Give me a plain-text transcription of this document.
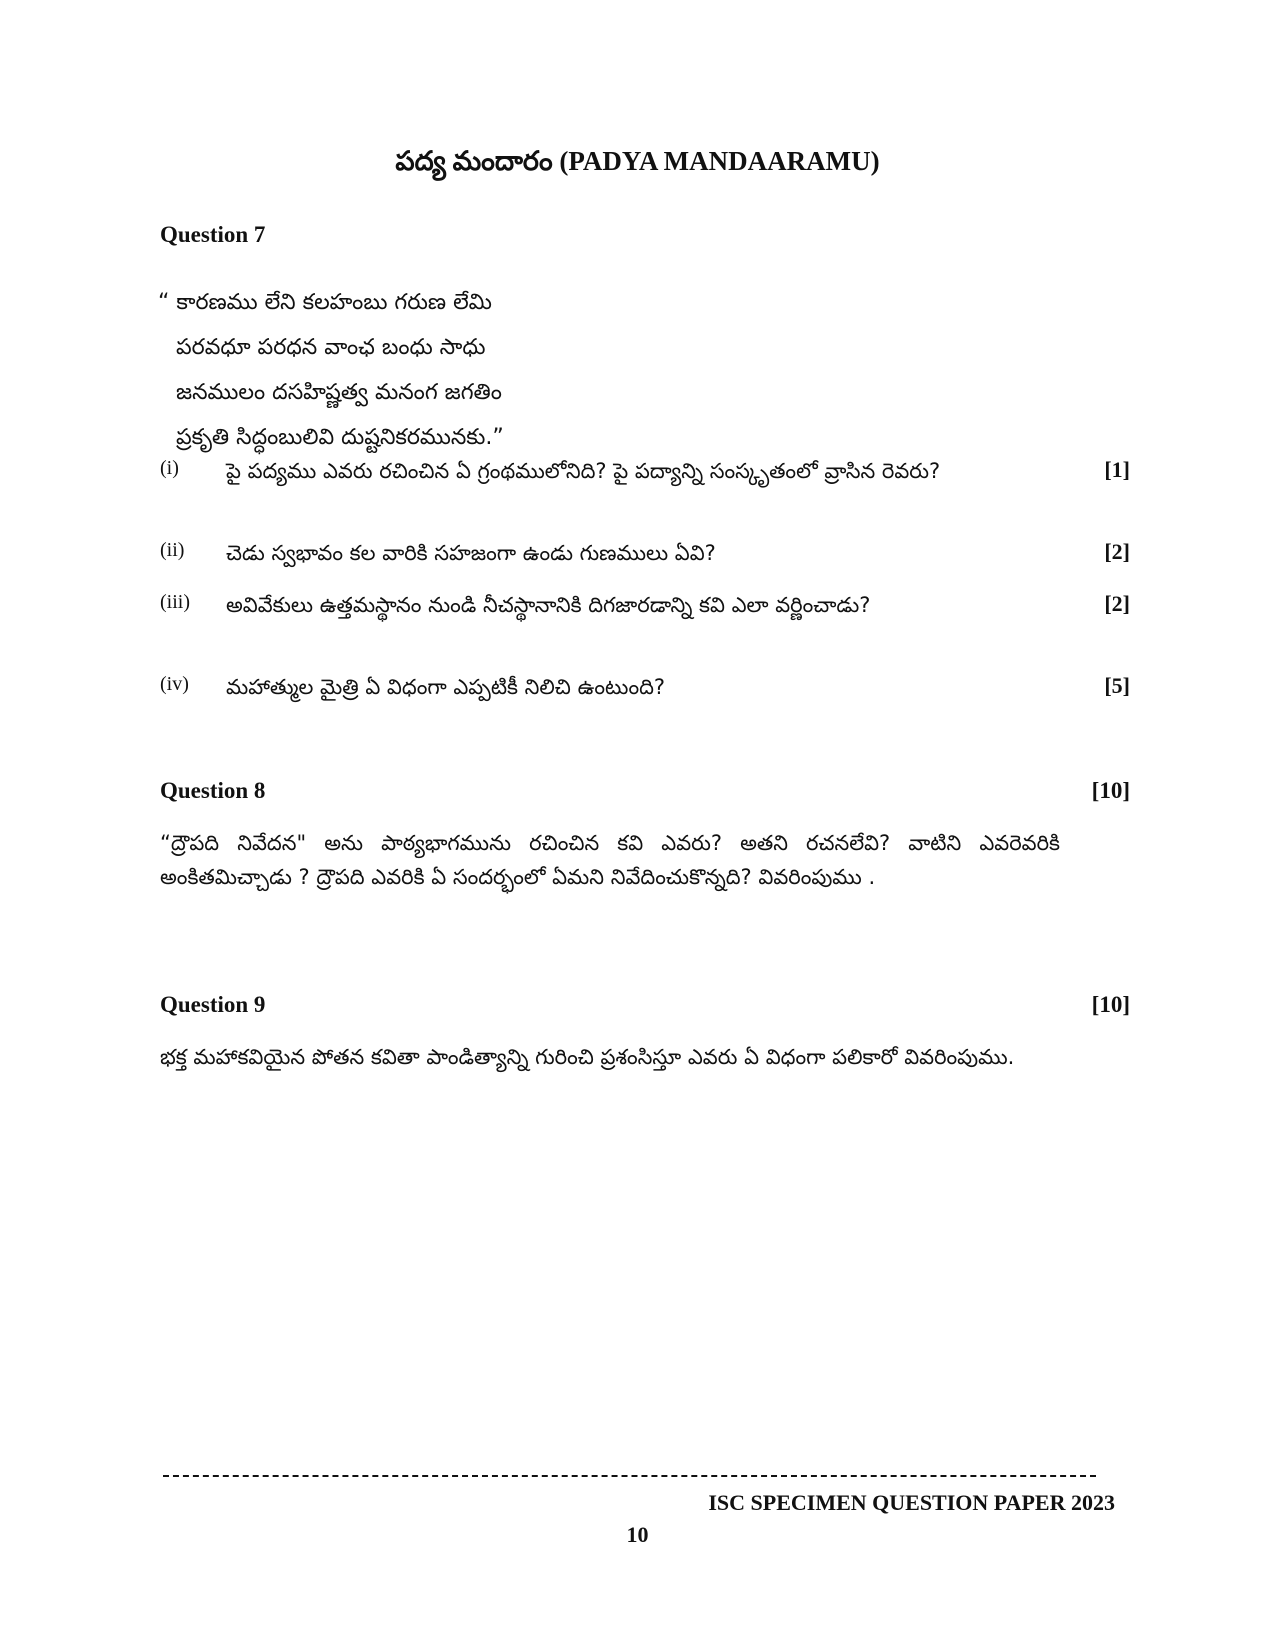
పద్య మందారం (PADYA MANDAARAMU)
Question 7
“ కారణము లేని కలహంబు గరుణ లేమి
పరవధూ పరధన వాంఛ బంధు సాధు
జనములం దసహిష్ణత్వ మనంగ జగతిం
ప్రకృతి సిద్ధంబులివి దుష్టనికరమునకు.”
(i) పై పద్యము ఎవరు రచించిన ఏ గ్రంథములోనిది? పై పద్యాన్ని సంస్కృతంలో వ్రాసిన రెవరు?	[1]
(ii) చెడు స్వభావం కల వారికి సహజంగా ఉండు గుణములు ఏవి?	[2]
(iii) అవివేకులు ఉత్తమస్థానం నుండి నీచస్థానానికి దిగజారడాన్ని కవి ఎలా వర్ణించాడు?	[2]
(iv) మహాత్ముల మైత్రి ఏ విధంగా ఎప్పటికీ నిలిచి ఉంటుంది?	[5]
Question 8	[10]
“ద్రౌపది నివేదన" అను పాఠ్యభాగమును రచించిన కవి ఎవరు? అతని రచనలేవి? వాటిని ఎవరెవరికి అంకితమిచ్చాడు ? ద్రౌపది ఎవరికి ఏ సందర్భంలో ఏమని నివేదించుకొన్నది? వివరింపుము .
Question 9	[10]
భక్త మహాకవియైన పోతన కవితా పాండిత్యాన్ని గురించి ప్రశంసిస్తూ ఎవరు ఏ విధంగా పలికారో వివరింపుము.
ISC SPECIMEN QUESTION PAPER 2023
10
